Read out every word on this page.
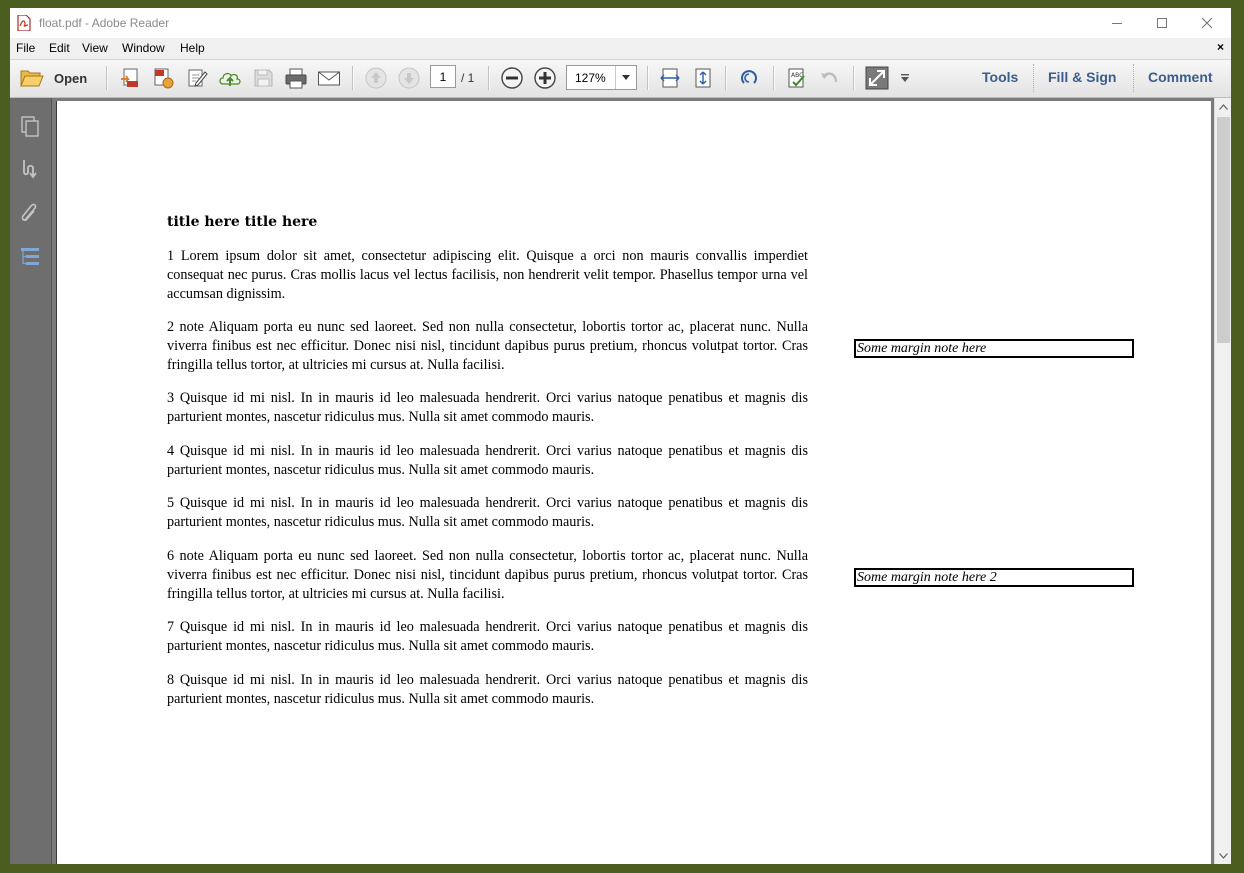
float.pdf - Adobe Reader
File Edit View Window Help	×
Open	/ 1	ABC	Tools Fill & Sign Comment
1	127%
title here title here

1 Lorem ipsum dolor sit amet, consectetur adipiscing elit. Quisque a orci non mauris convallis imperdiet consequat nec purus. Cras mollis lacus vel lectus facilisis, non hendrerit velit tempor. Phasellus tempor urna vel accumsan dignissim.

2 note Aliquam porta eu nunc sed laoreet. Sed non nulla consectetur, lobortis tortor ac, placerat nunc. Nulla viverra finibus est nec efficitur. Donec nisi nisl, tincidunt dapibus purus pretium, rhoncus volutpat tortor. Cras fringilla tellus tortor, at ultricies mi cursus at. Nulla facilisi.

3 Quisque id mi nisl. In in mauris id leo malesuada hendrerit. Orci varius natoque penatibus et magnis dis parturient montes, nascetur ridiculus mus. Nulla sit amet commodo mauris.

4 Quisque id mi nisl. In in mauris id leo malesuada hendrerit. Orci varius natoque penatibus et magnis dis parturient montes, nascetur ridiculus mus. Nulla sit amet commodo mauris.

5 Quisque id mi nisl. In in mauris id leo malesuada hendrerit. Orci varius natoque penatibus et magnis dis parturient montes, nascetur ridiculus mus. Nulla sit amet commodo mauris.

6 note Aliquam porta eu nunc sed laoreet. Sed non nulla consectetur, lobortis tortor ac, placerat nunc. Nulla viverra finibus est nec efficitur. Donec nisi nisl, tincidunt dapibus purus pretium, rhoncus volutpat tortor. Cras fringilla tellus tortor, at ultricies mi cursus at. Nulla facilisi.

7 Quisque id mi nisl. In in mauris id leo malesuada hendrerit. Orci varius natoque penatibus et magnis dis parturient montes, nascetur ridiculus mus. Nulla sit amet commodo mauris.

8 Quisque id mi nisl. In in mauris id leo malesuada hendrerit. Orci varius natoque penatibus et magnis dis parturient montes, nascetur ridiculus mus. Nulla sit amet commodo mauris.

Some margin note here
Some margin note here 2
